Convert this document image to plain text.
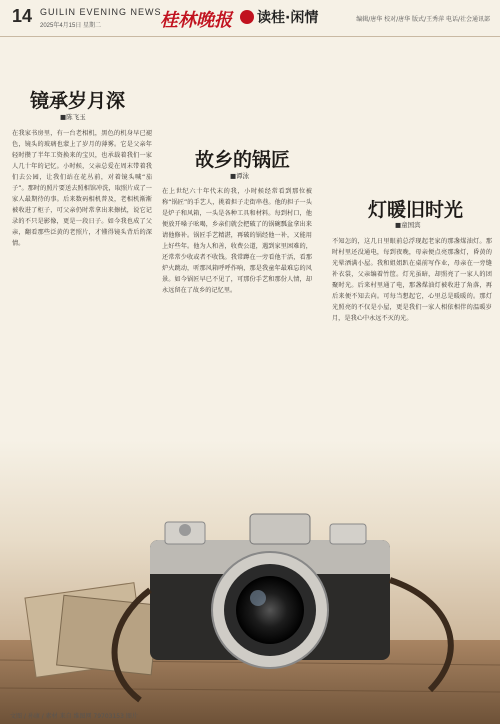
14 GUILIN EVENING NEWS
2025年4月15日 星期二	桂林晚报	读桂·闲情	编辑/唐华 校对/唐华 版式/王秀萍 电话/社会通讯部
镜承岁月深
■陈飞玉
在我家书房里，有一台老相机，黑色的机身早已褪色，镜头的玻璃也蒙上了岁月的薄雾。它是父亲年轻时攒了半年工资换来的宝贝，也承载着我们一家人几十年的记忆。小时候，父亲总爱在周末带着我们去公园，让我们站在花丛前，对着镜头喊“茄子”。那时的照片要送去照相馆冲洗，取照片成了一家人最期待的事。后来数码相机普及，老相机渐渐被收进了柜子，可父亲仍时常拿出来擦拭，说它记录的不只是影像，更是一段日子。如今我也成了父亲，翻看那些泛黄的老照片，才懂得镜头背后的深情。
故乡的锅匠
■谭泳
在上世纪六十年代末的我，小时候经常看到那位被称“锅匠”的手艺人，挑着担子走街串巷。他的担子一头是炉子和风箱，一头是各种工具和材料。每到村口，他便放开嗓子吆喝，乡亲们就会把破了的锅碗瓢盆拿出来请他修补。锅匠手艺精湛，再破的锅经他一补，又能用上好些年。他为人和善，收费公道，遇到家里困难的，还常常少收或者不收钱。我常蹲在一旁看他干活，看那炉火跳动，听那风箱呼呼作响，那是我童年最难忘的风景。如今锅匠早已不见了，可那份手艺和那份人情，却永远留在了故乡的记忆里。
灯暖旧时光
■童国宾
不知怎的，这几日里眼前总浮现起老家的那盏煤油灯。那时村里还没通电，每到夜晚，母亲便点亮那盏灯，昏黄的光晕洒满小屋。我和姐姐趴在桌前写作业，母亲在一旁缝补衣裳，父亲编着竹筐。灯光虽暗，却照亮了一家人的团聚时光。后来村里通了电，那盏煤油灯被收进了角落，再后来便不知去向。可每当想起它，心里总是暖暖的。那灯光照亮的不仅是小屋，更是我们一家人相依相伴的温暖岁月，是我心中永远不灭的光。
文图 / 孙康 / 素材 来自 维图网 79703153 图片
